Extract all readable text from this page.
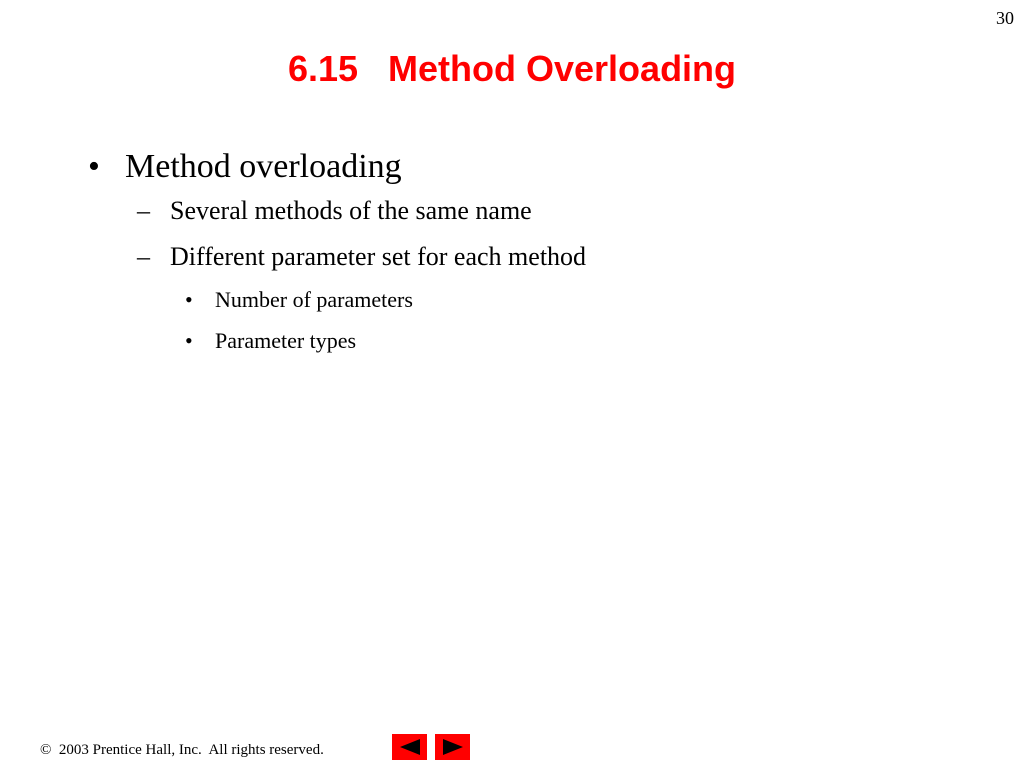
30
6.15   Method Overloading
• Method overloading
– Several methods of the same name
– Different parameter set for each method
• Number of parameters
• Parameter types
©  2003 Prentice Hall, Inc.  All rights reserved.
